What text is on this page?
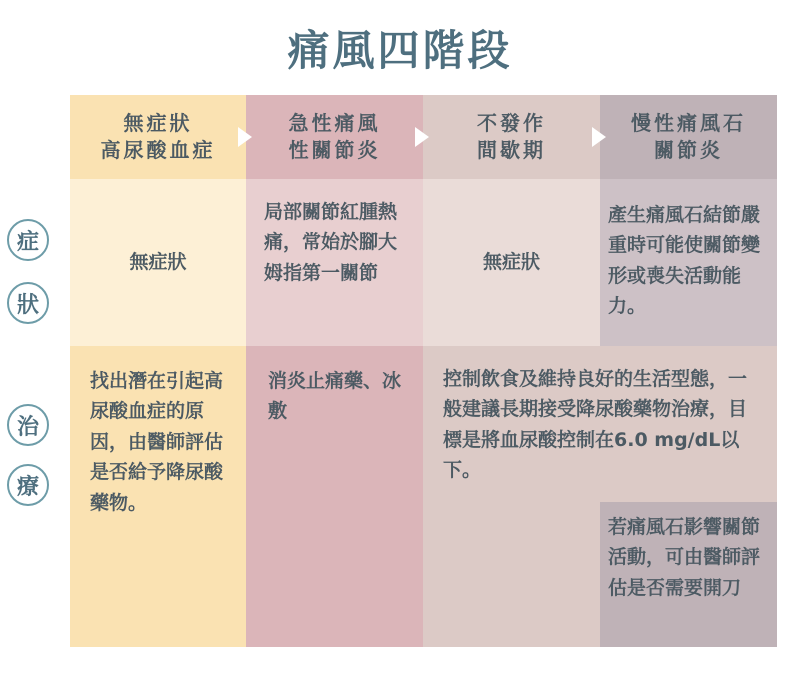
痛風四階段
無症狀
高尿酸血症
急性痛風
性關節炎
不發作
間歇期
慢性痛風石
關節炎
無症狀
局部關節紅腫熱痛，常始於腳大姆指第一關節	無症狀
產生痛風石結節嚴重時可能使關節變形或喪失活動能力。
找出潛在引起高尿酸血症的原因，由醫師評估是否給予降尿酸藥物。
消炎止痛藥、冰敷
控制飲食及維持良好的生活型態，一般建議長期接受降尿酸藥物治療，目標是將血尿酸控制在6.0 mg/dL以下。
若痛風石影響關節活動，可由醫師評估是否需要開刀
症
狀
治
療
